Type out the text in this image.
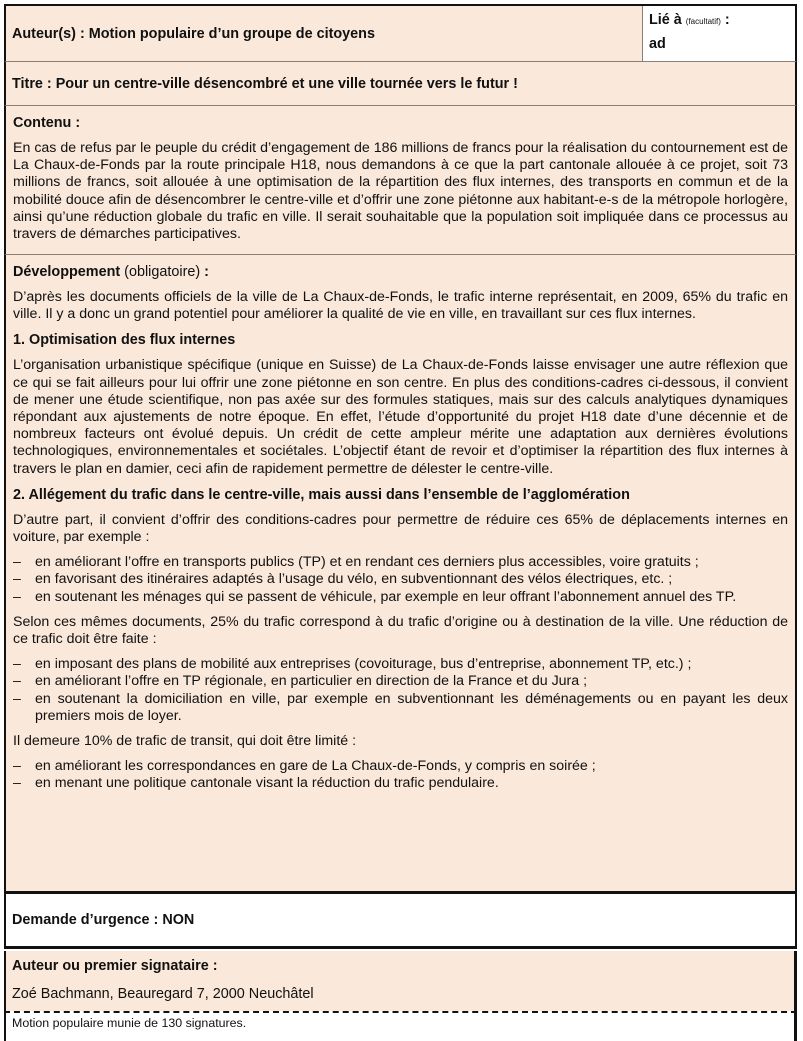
Auteur(s) : Motion populaire d’un groupe de citoyens
Lié à (facultatif) :
ad
Titre : Pour un centre-ville désencombré et une ville tournée vers le futur !
Contenu :

En cas de refus par le peuple du crédit d’engagement de 186 millions de francs pour la réalisation du contournement est de La Chaux-de-Fonds par la route principale H18, nous demandons à ce que la part cantonale allouée à ce projet, soit 73 millions de francs, soit allouée à une optimisation de la répartition des flux internes, des transports en commun et de la mobilité douce afin de désencombrer le centre-ville et d’offrir une zone piétonne aux habitant-e-s de la métropole horlogère, ainsi qu’une réduction globale du trafic en ville. Il serait souhaitable que la population soit impliquée dans ce processus au travers de démarches participatives.

Développement (obligatoire) :

D’après les documents officiels de la ville de La Chaux-de-Fonds, le trafic interne représentait, en 2009, 65% du trafic en ville. Il y a donc un grand potentiel pour améliorer la qualité de vie en ville, en travaillant sur ces flux internes.

1. Optimisation des flux internes

L’organisation urbanistique spécifique (unique en Suisse) de La Chaux-de-Fonds laisse envisager une autre réflexion que ce qui se fait ailleurs pour lui offrir une zone piétonne en son centre. En plus des conditions-cadres ci-dessous, il convient de mener une étude scientifique, non pas axée sur des formules statiques, mais sur des calculs analytiques dynamiques répondant aux ajustements de notre époque. En effet, l’étude d’opportunité du projet H18 date d’une décennie et de nombreux facteurs ont évolué depuis. Un crédit de cette ampleur mérite une adaptation aux dernières évolutions technologiques, environnementales et sociétales. L’objectif étant de revoir et d’optimiser la répartition des flux internes à travers le plan en damier, ceci afin de rapidement permettre de délester le centre-ville.

2. Allégement du trafic dans le centre-ville, mais aussi dans l’ensemble de l’agglomération

D’autre part, il convient d’offrir des conditions-cadres pour permettre de réduire ces 65% de déplacements internes en voiture, par exemple :

– en améliorant l’offre en transports publics (TP) et en rendant ces derniers plus accessibles, voire gratuits ;
– en favorisant des itinéraires adaptés à l’usage du vélo, en subventionnant des vélos électriques, etc. ;
– en soutenant les ménages qui se passent de véhicule, par exemple en leur offrant l’abonnement annuel des TP.

Selon ces mêmes documents, 25% du trafic correspond à du trafic d’origine ou à destination de la ville. Une réduction de ce trafic doit être faite :

– en imposant des plans de mobilité aux entreprises (covoiturage, bus d’entreprise, abonnement TP, etc.) ;
– en améliorant l’offre en TP régionale, en particulier en direction de la France et du Jura ;
– en soutenant la domiciliation en ville, par exemple en subventionnant les déménagements ou en payant les deux premiers mois de loyer.

Il demeure 10% de trafic de transit, qui doit être limité :

– en améliorant les correspondances en gare de La Chaux-de-Fonds, y compris en soirée ;
– en menant une politique cantonale visant la réduction du trafic pendulaire.
Demande d’urgence : NON
Auteur ou premier signataire :
Zoé Bachmann, Beauregard 7, 2000 Neuchâtel
Motion populaire munie de 130 signatures.
